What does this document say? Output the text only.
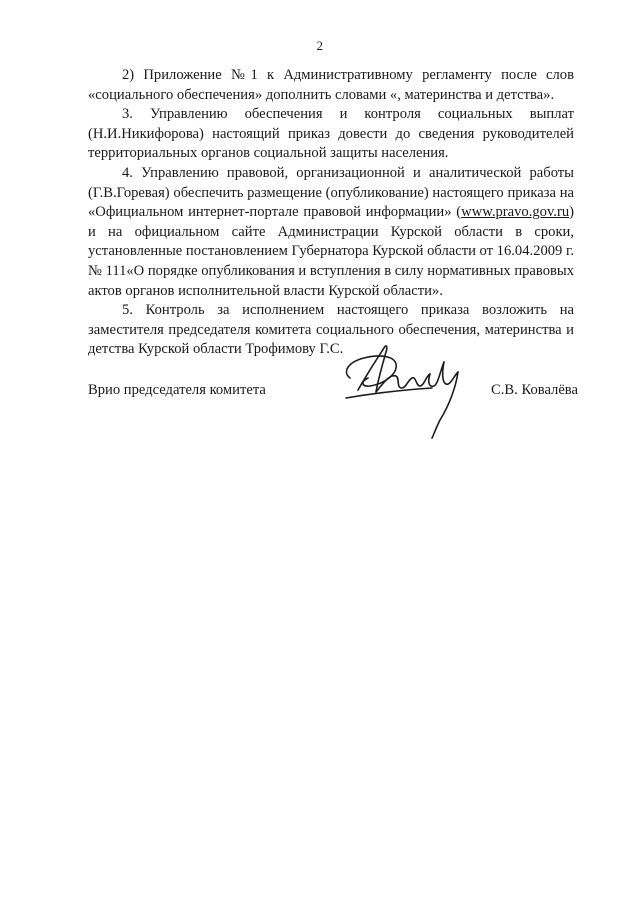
2

2) Приложение №1 к Административному регламенту после слов «социального обеспечения» дополнить словами «, материнства и детства».

3. Управлению обеспечения и контроля социальных выплат (Н.И.Никифорова) настоящий приказ довести до сведения руководителей территориальных органов социальной защиты населения.

4. Управлению правовой, организационной и аналитической работы (Г.В.Горевая) обеспечить размещение (опубликование) настоящего приказа на «Официальном интернет-портале правовой информации» (www.pravo.gov.ru) и на официальном сайте Администрации Курской области в сроки, установленные постановлением Губернатора Курской области от 16.04.2009 г. № 111«О порядке опубликования и вступления в силу нормативных правовых актов органов исполнительной власти Курской области».

5. Контроль за исполнением настоящего приказа возложить на заместителя председателя комитета социального обеспечения, материнства и детства Курской области Трофимову Г.С.

Врио председателя комитета	С.В. Ковалёва
